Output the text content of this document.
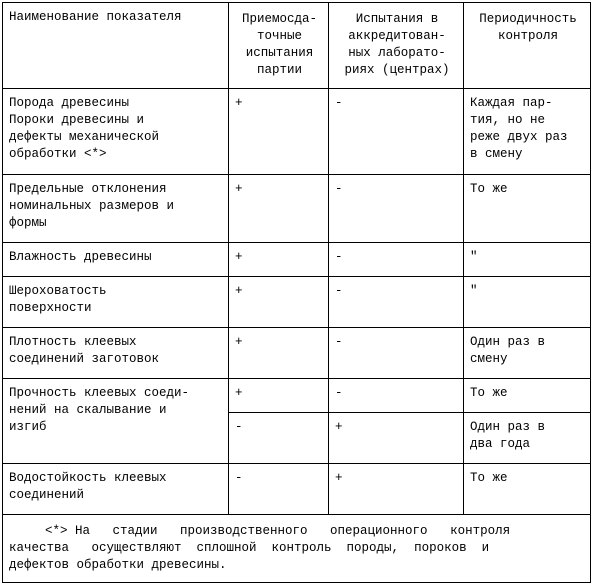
Наименование показателя	Приемосда-
точные
испытания
партии	Испытания в
аккредитован-
ных лаборато-
риях (центрах)	Периодичность
контроля
Порода древесины
Пороки древесины и
дефекты механической
обработки <*>	+	-	Каждая пар-
тия, но не
реже двух раз
в смену
Предельные отклонения
номинальных размеров и
формы	+	-	То же
Влажность древесины	+	-	"
Шероховатость
поверхности	+	-	"
Плотность клеевых
соединений заготовок	+	-	Один раз в
смену
Прочность клеевых соеди-
нений на скалывание и
изгиб	+	-	То же
	-	+	Один раз в
два года
Водостойкость клеевых
соединений	-	+	То же

<*> На   стадии   производственного   операционного   контроля
качества   осуществляют  сплошной  контроль  породы,  пороков  и
дефектов обработки древесины.			
